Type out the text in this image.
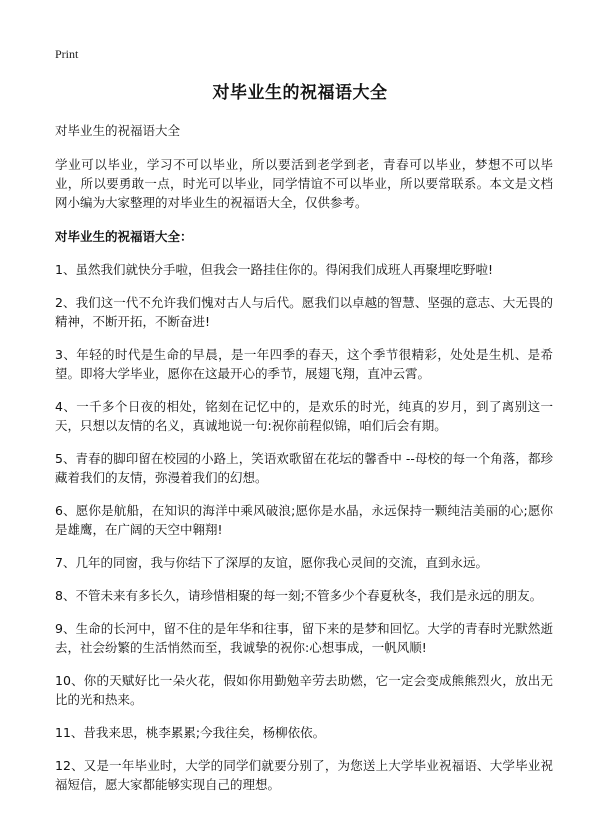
Print
对毕业生的祝福语大全

对毕业生的祝福语大全

学业可以毕业，学习不可以毕业，所以要活到老学到老，青春可以毕业，梦想不可以毕业，所以要勇敢一点，时光可以毕业，同学情谊不可以毕业，所以要常联系。本文是文档网小编为大家整理的对毕业生的祝福语大全，仅供参考。

对毕业生的祝福语大全：

1、虽然我们就快分手啦，但我会一路挂住你的。得闲我们成班人再聚埋吃野啦!

2、我们这一代不允许我们愧对古人与后代。愿我们以卓越的智慧、坚强的意志、大无畏的精神，不断开拓，不断奋进!

3、年轻的时代是生命的早晨，是一年四季的春天，这个季节很精彩，处处是生机、是希望。即将大学毕业，愿你在这最开心的季节，展翅飞翔，直冲云霄。

4、一千多个日夜的相处，铭刻在记忆中的，是欢乐的时光，纯真的岁月，到了离别这一天，只想以友情的名义，真诚地说一句:祝你前程似锦，咱们后会有期。

5、青春的脚印留在校园的小路上，笑语欢歌留在花坛的馨香中 --母校的每一个角落，都珍藏着我们的友情，弥漫着我们的幻想。

6、愿你是航船，在知识的海洋中乘风破浪;愿你是水晶，永远保持一颗纯洁美丽的心;愿你是雄鹰，在广阔的天空中翱翔!

7、几年的同窗，我与你结下了深厚的友谊，愿你我心灵间的交流，直到永远。

8、不管未来有多长久，请珍惜相聚的每一刻;不管多少个春夏秋冬，我们是永远的朋友。

9、生命的长河中，留不住的是年华和往事，留下来的是梦和回忆。大学的青春时光默然逝去，社会纷繁的生活悄然而至，我诚挚的祝你:心想事成，一帆风顺!

10、你的天赋好比一朵火花，假如你用勤勉辛劳去助燃，它一定会变成熊熊烈火，放出无比的光和热来。

11、昔我来思，桃李累累;今我往矣，杨柳依依。

12、又是一年毕业时，大学的同学们就要分别了，为您送上大学毕业祝福语、大学毕业祝福短信，愿大家都能够实现自己的理想。
